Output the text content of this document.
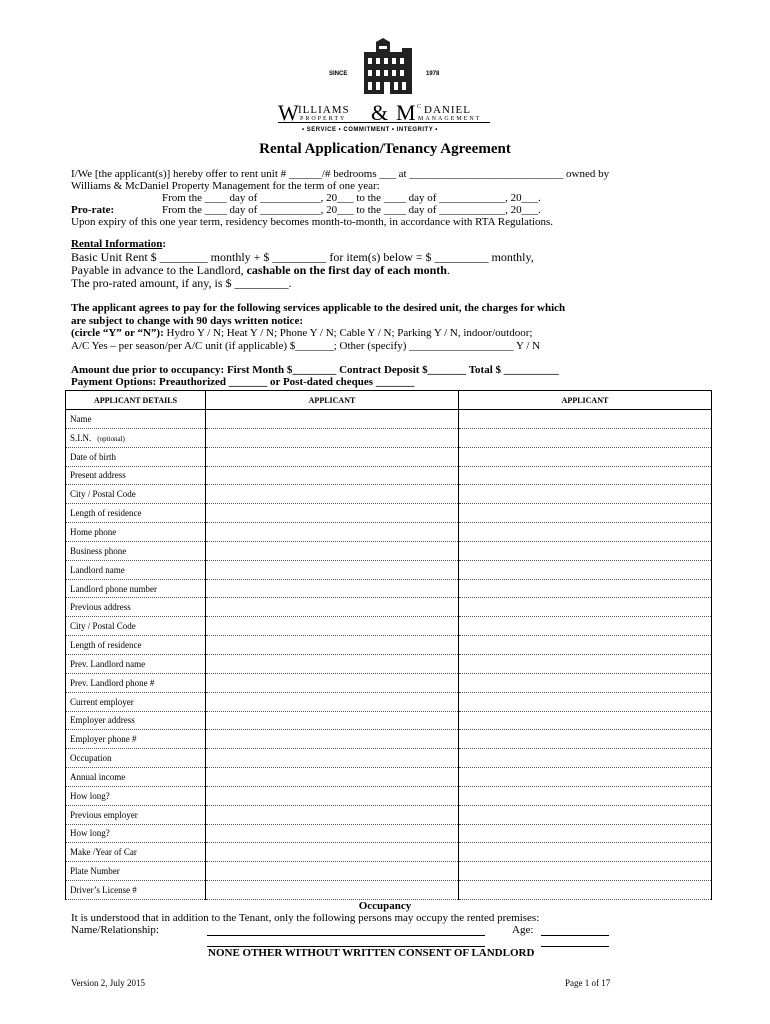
SINCE	1978
W ILLIAMS
PROPERTY & M C DANIEL
MANAGEMENT
• SERVICE • COMMITMENT • INTEGRITY •
Rental Application/Tenancy Agreement
I/We [the applicant(s)] hereby offer to rent unit # ______/# bedrooms ___ at ____________________________ owned by
Williams & McDaniel Property Management for the term of one year:
From the ____ day of ___________, 20___ to the ____ day of ____________, 20___.
Pro-rate:	From the ____ day of ___________, 20___ to the ____ day of ____________, 20___.
Upon expiry of this one year term, residency becomes month-to-month, in accordance with RTA Regulations.
Rental Information:
Basic Unit Rent $ ________ monthly + $ _________ for item(s) below = $ _________ monthly,
Payable in advance to the Landlord, cashable on the first day of each month.
The pro-rated amount, if any, is $ _________.
The applicant agrees to pay for the following services applicable to the desired unit, the charges for which
are subject to change with 90 days written notice:
(circle “Y” or “N”): Hydro Y / N; Heat Y / N; Phone Y / N; Cable Y / N; Parking Y / N, indoor/outdoor;
A/C Yes – per season/per A/C unit (if applicable) $_______; Other (specify) ___________________ Y / N
Amount due prior to occupancy: First Month $________ Contract Deposit $_______ Total $ __________
Payment Options: Preauthorized _______ or Post-dated cheques _______
APPLICANT DETAILS	APPLICANT	APPLICANT
Name		
S.I.N. (optional)		
Date of birth		
Present address		
City / Postal Code		
Length of residence		
Home phone		
Business phone		
Landlord name		
Landlord phone number		
Previous address		
City / Postal Code		
Length of residence		
Prev. Landlord name		
Prev. Landlord phone #		
Current employer		
Employer address		
Employer phone #		
Occupation		
Annual income		
How long?		
Previous employer		
How long?		
Make /Year of Car		
Plate Number		
Driver’s License #		
Occupancy
It is understood that in addition to the Tenant, only the following persons may occupy the rented premises:
Name/Relationship:	Age:
NONE OTHER WITHOUT WRITTEN CONSENT OF LANDLORD
Version 2, July 2015	Page 1 of 17
